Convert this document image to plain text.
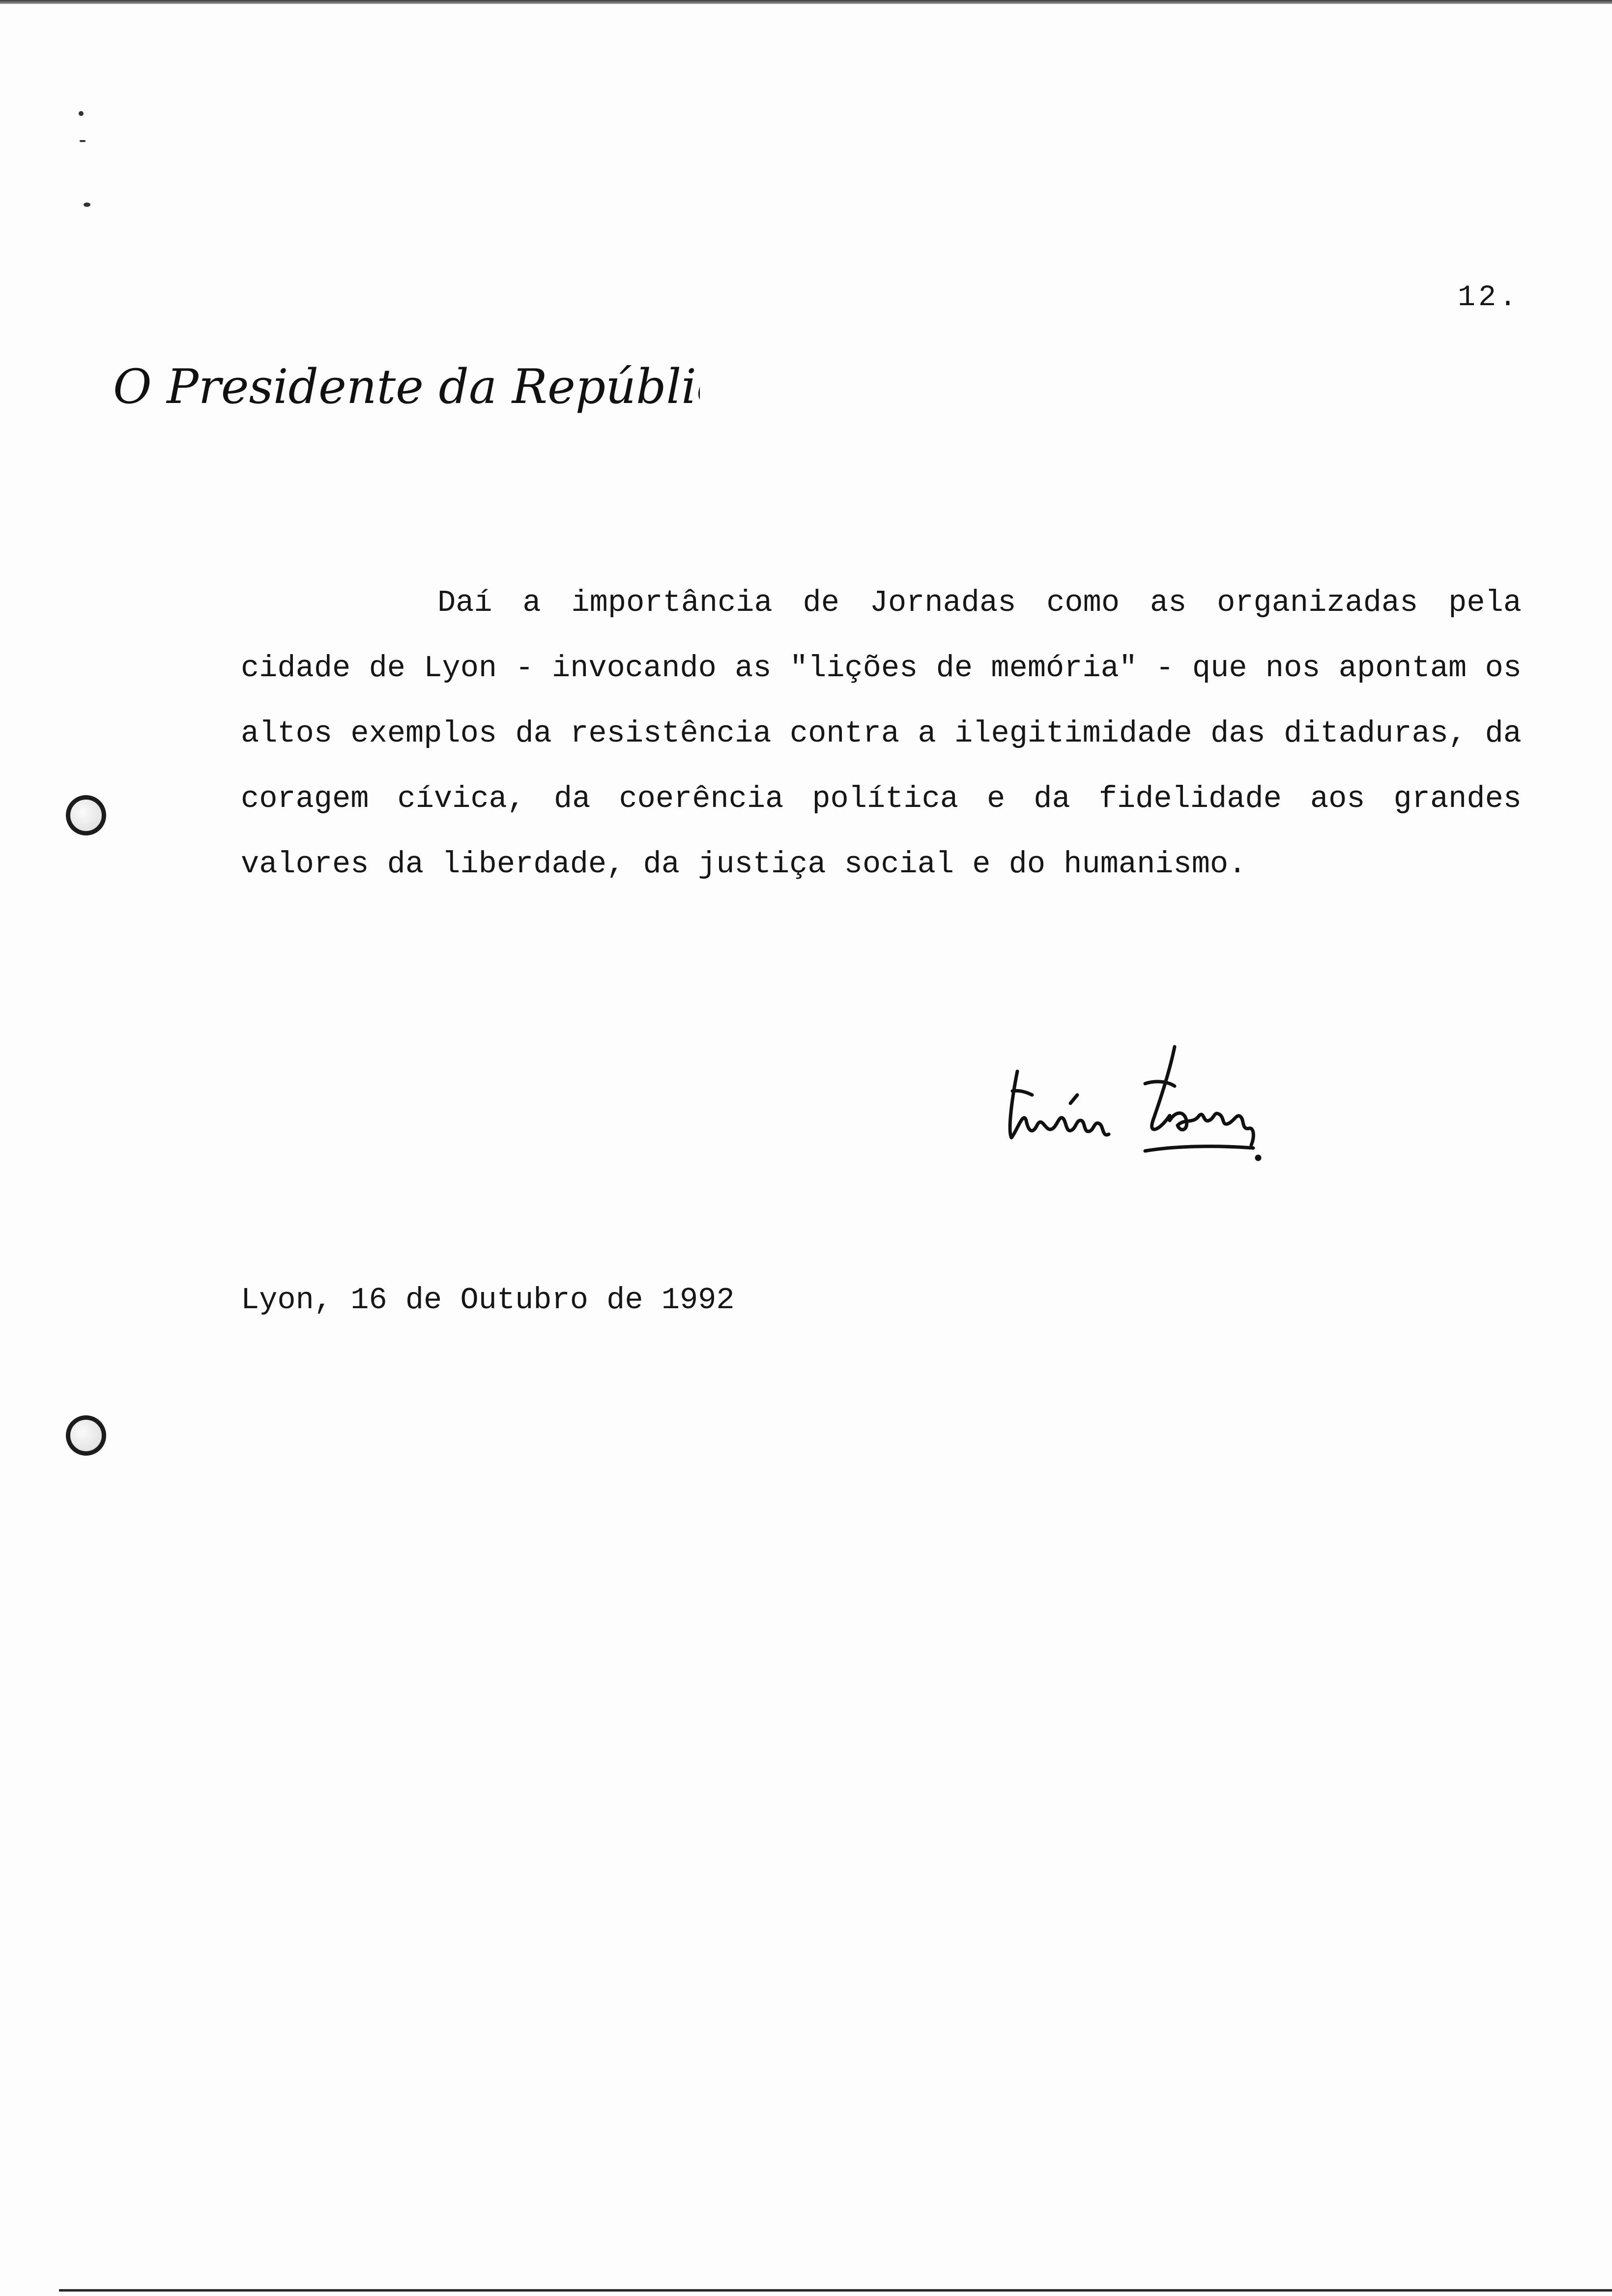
12.
O Presidente da República
Daí a importância de Jornadas como as organizadas pela cidade de Lyon - invocando as "lições de memória" - que nos apontam os altos exemplos da resistência contra a ilegitimidade das ditaduras, da coragem cívica, da coerência política e da fidelidade aos grandes valores da liberdade, da justiça social e do humanismo.
Lyon, 16 de Outubro de 1992
